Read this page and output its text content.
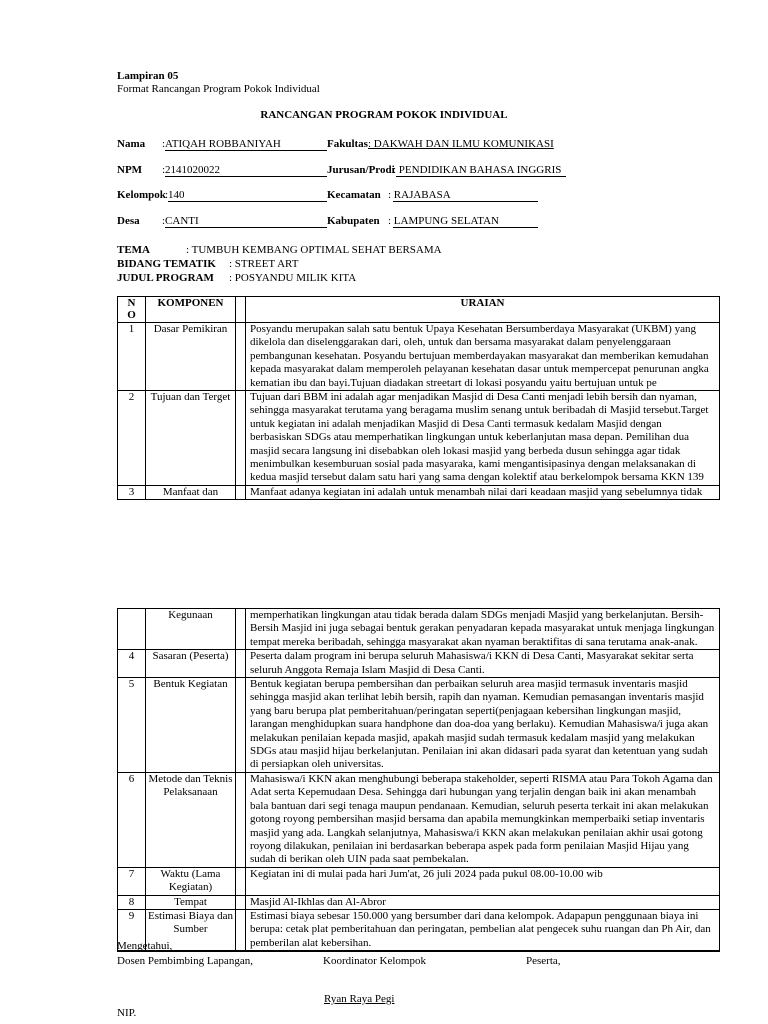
Lampiran 05
Format Rancangan Program Pokok Individual
RANCANGAN PROGRAM POKOK INDIVIDUAL
Nama :ATIQAH ROBBANIYAH	Fakultas : DAKWAH DAN ILMU KOMUNIKASI
NPM :2141020022	Jurusan/Prodi
: PENDIDIKAN BAHASA INGGRIS
Kelompok :140	Kecamatan : RAJABASA
Desa :CANTI	Kabupaten : LAMPUNG SELATAN
TEMA	: TUMBUH KEMBANG OPTIMAL SEHAT BERSAMA
BIDANG TEMATIK : STREET ART
JUDUL PROGRAM : POSYANDU MILIK KITA
N
O	KOMPONEN		URAIAN
1	Dasar Pemikiran		Posyandu merupakan salah satu bentuk Upaya Kesehatan Bersumberdaya Masyarakat (UKBM) yang dikelola dan diselenggarakan dari, oleh, untuk dan bersama masyarakat dalam penyelenggaraan pembangunan kesehatan. Posyandu bertujuan memberdayakan masyarakat dan memberikan kemudahan kepada masyarakat dalam memperoleh pelayanan kesehatan dasar untuk mempercepat penurunan angka kematian ibu dan bayi.Tujuan diadakan streetart di lokasi posyandu yaitu bertujuan untuk pe

2	Tujuan dan Terget		Tujuan dari BBM ini adalah agar menjadikan Masjid di Desa Canti menjadi lebih bersih dan nyaman, sehingga masyarakat terutama yang beragama muslim senang untuk beribadah di Masjid tersebut.Target untuk kegiatan ini adalah menjadikan Masjid di Desa Canti termasuk kedalam Masjid dengan berbasiskan SDGs atau memperhatikan lingkungan untuk keberlanjutan masa depan. Pemilihan dua masjid secara langsung ini disebabkan oleh lokasi masjid yang berbeda dusun sehingga agar tidak menimbulkan kesemburuan sosial pada masyaraka, kami mengantisipasinya dengan melaksanakan di kedua masjid tersebut dalam satu hari yang sama dengan kolektif atau berkelompok bersama KKN 139

3	Manfaat dan		Manfaat adanya kegiatan ini adalah untuk menambah nilai dari keadaan masjid yang sebelumnya tidak
	Kegunaan		memperhatikan lingkungan atau tidak berada dalam SDGs menjadi Masjid yang berkelanjutan. Bersih-Bersih Masjid ini juga sebagai bentuk gerakan penyadaran kepada masyarakat untuk menjaga lingkungan tempat mereka beribadah, sehingga masyarakat akan nyaman beraktifitas di sana terutama anak-anak.
4	Sasaran (Peserta)		Peserta dalam program ini berupa seluruh Mahasiswa/i KKN di Desa Canti, Masyarakat sekitar serta seluruh Anggota Remaja Islam Masjid di Desa Canti.
5	Bentuk Kegiatan		Bentuk kegiatan berupa pembersihan dan perbaikan seluruh area masjid termasuk inventaris masjid sehingga masjid akan terlihat lebih bersih, rapih dan nyaman. Kemudian pemasangan inventaris masjid yang baru berupa plat pemberitahuan/peringatan seperti(penjagaan kebersihan lingkungan masjid, larangan menghidupkan suara handphone dan doa-doa yang berlaku). Kemudian Mahasiswa/i juga akan melakukan penilaian kepada masjid, apakah masjid sudah termasuk kedalam masjid yang melakukan SDGs atau masjid hijau berkelanjutan. Penilaian ini akan didasari pada syarat dan ketentuan yang sudah di persiapkan oleh universitas.
6	Metode dan Teknis Pelaksanaan		Mahasiswa/i KKN akan menghubungi beberapa stakeholder, seperti RISMA atau Para Tokoh Agama dan Adat serta Kepemudaan Desa. Sehingga dari hubungan yang terjalin dengan baik ini akan menambah bala bantuan dari segi tenaga maupun pendanaan. Kemudian, seluruh peserta terkait ini akan melakukan gotong royong pembersihan masjid bersama dan apabila memungkinkan memperbaiki setiap inventaris masjid yang ada. Langkah selanjutnya, Mahasiswa/i KKN akan melakukan penilaian akhir usai gotong royong dilakukan, penilaian ini berdasarkan beberapa aspek pada form penilaian Masjid Hijau yang sudah di berikan oleh UIN pada saat pembekalan.
7	Waktu (Lama Kegiatan)		Kegiatan ini di mulai pada hari Jum'at, 26 juli 2024 pada pukul 08.00-10.00 wib
8	Tempat		Masjid Al-Ikhlas dan Al-Abror
9	Estimasi Biaya dan Sumber		Estimasi biaya sebesar 150.000 yang bersumber dari dana kelompok. Adapapun penggunaan biaya ini berupa: cetak plat pemberitahuan dan peringatan, pembelian alat pengecek suhu ruangan dan Ph Air, dan pemberilan alat kebersihan.

Mengetahui,
Dosen Pembimbing Lapangan,	Koordinator Kelompok	Peserta,
Ryan Raya Pegi
NIP.
